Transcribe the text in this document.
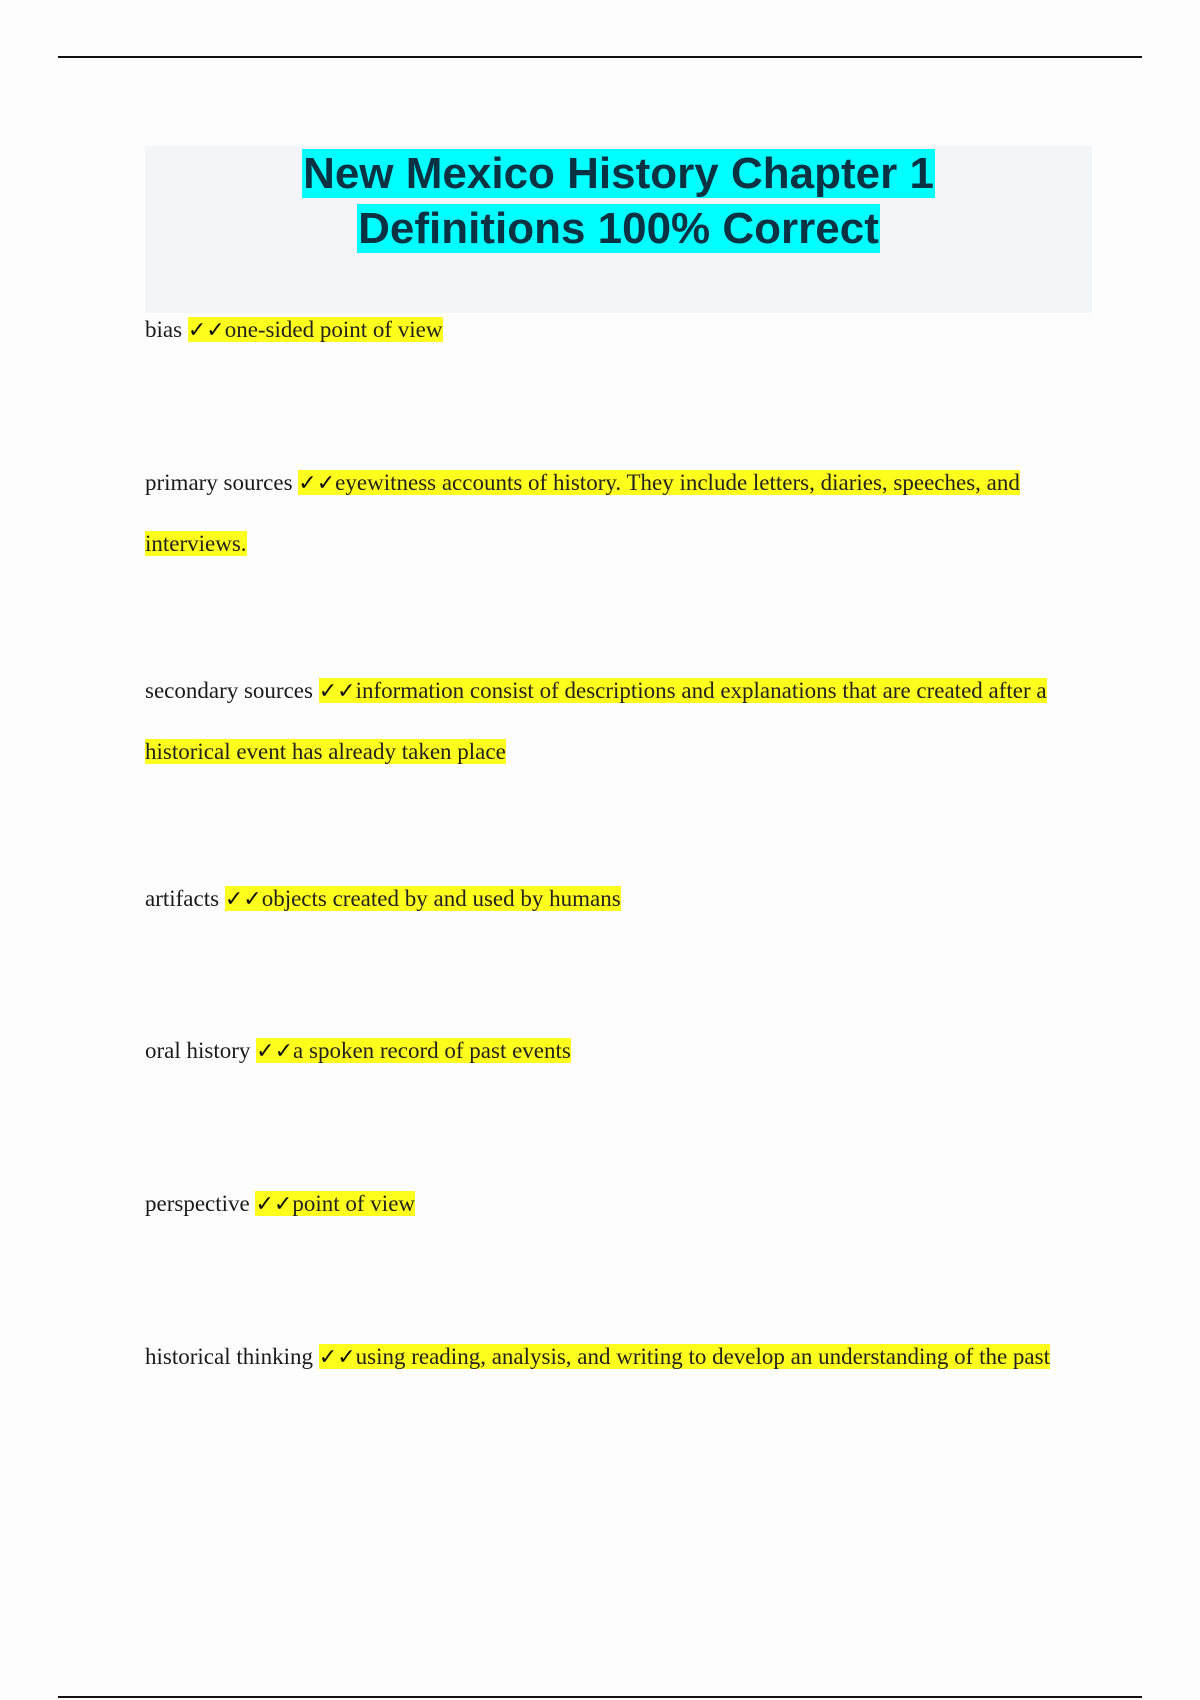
New Mexico History Chapter 1
Definitions 100% Correct
bias ✓✓one-sided point of view
primary sources ✓✓eyewitness accounts of history. They include letters, diaries, speeches, and interviews.
secondary sources ✓✓information consist of descriptions and explanations that are created after a historical event has already taken place
artifacts ✓✓objects created by and used by humans
oral history ✓✓a spoken record of past events
perspective ✓✓point of view
historical thinking ✓✓using reading, analysis, and writing to develop an understanding of the past
